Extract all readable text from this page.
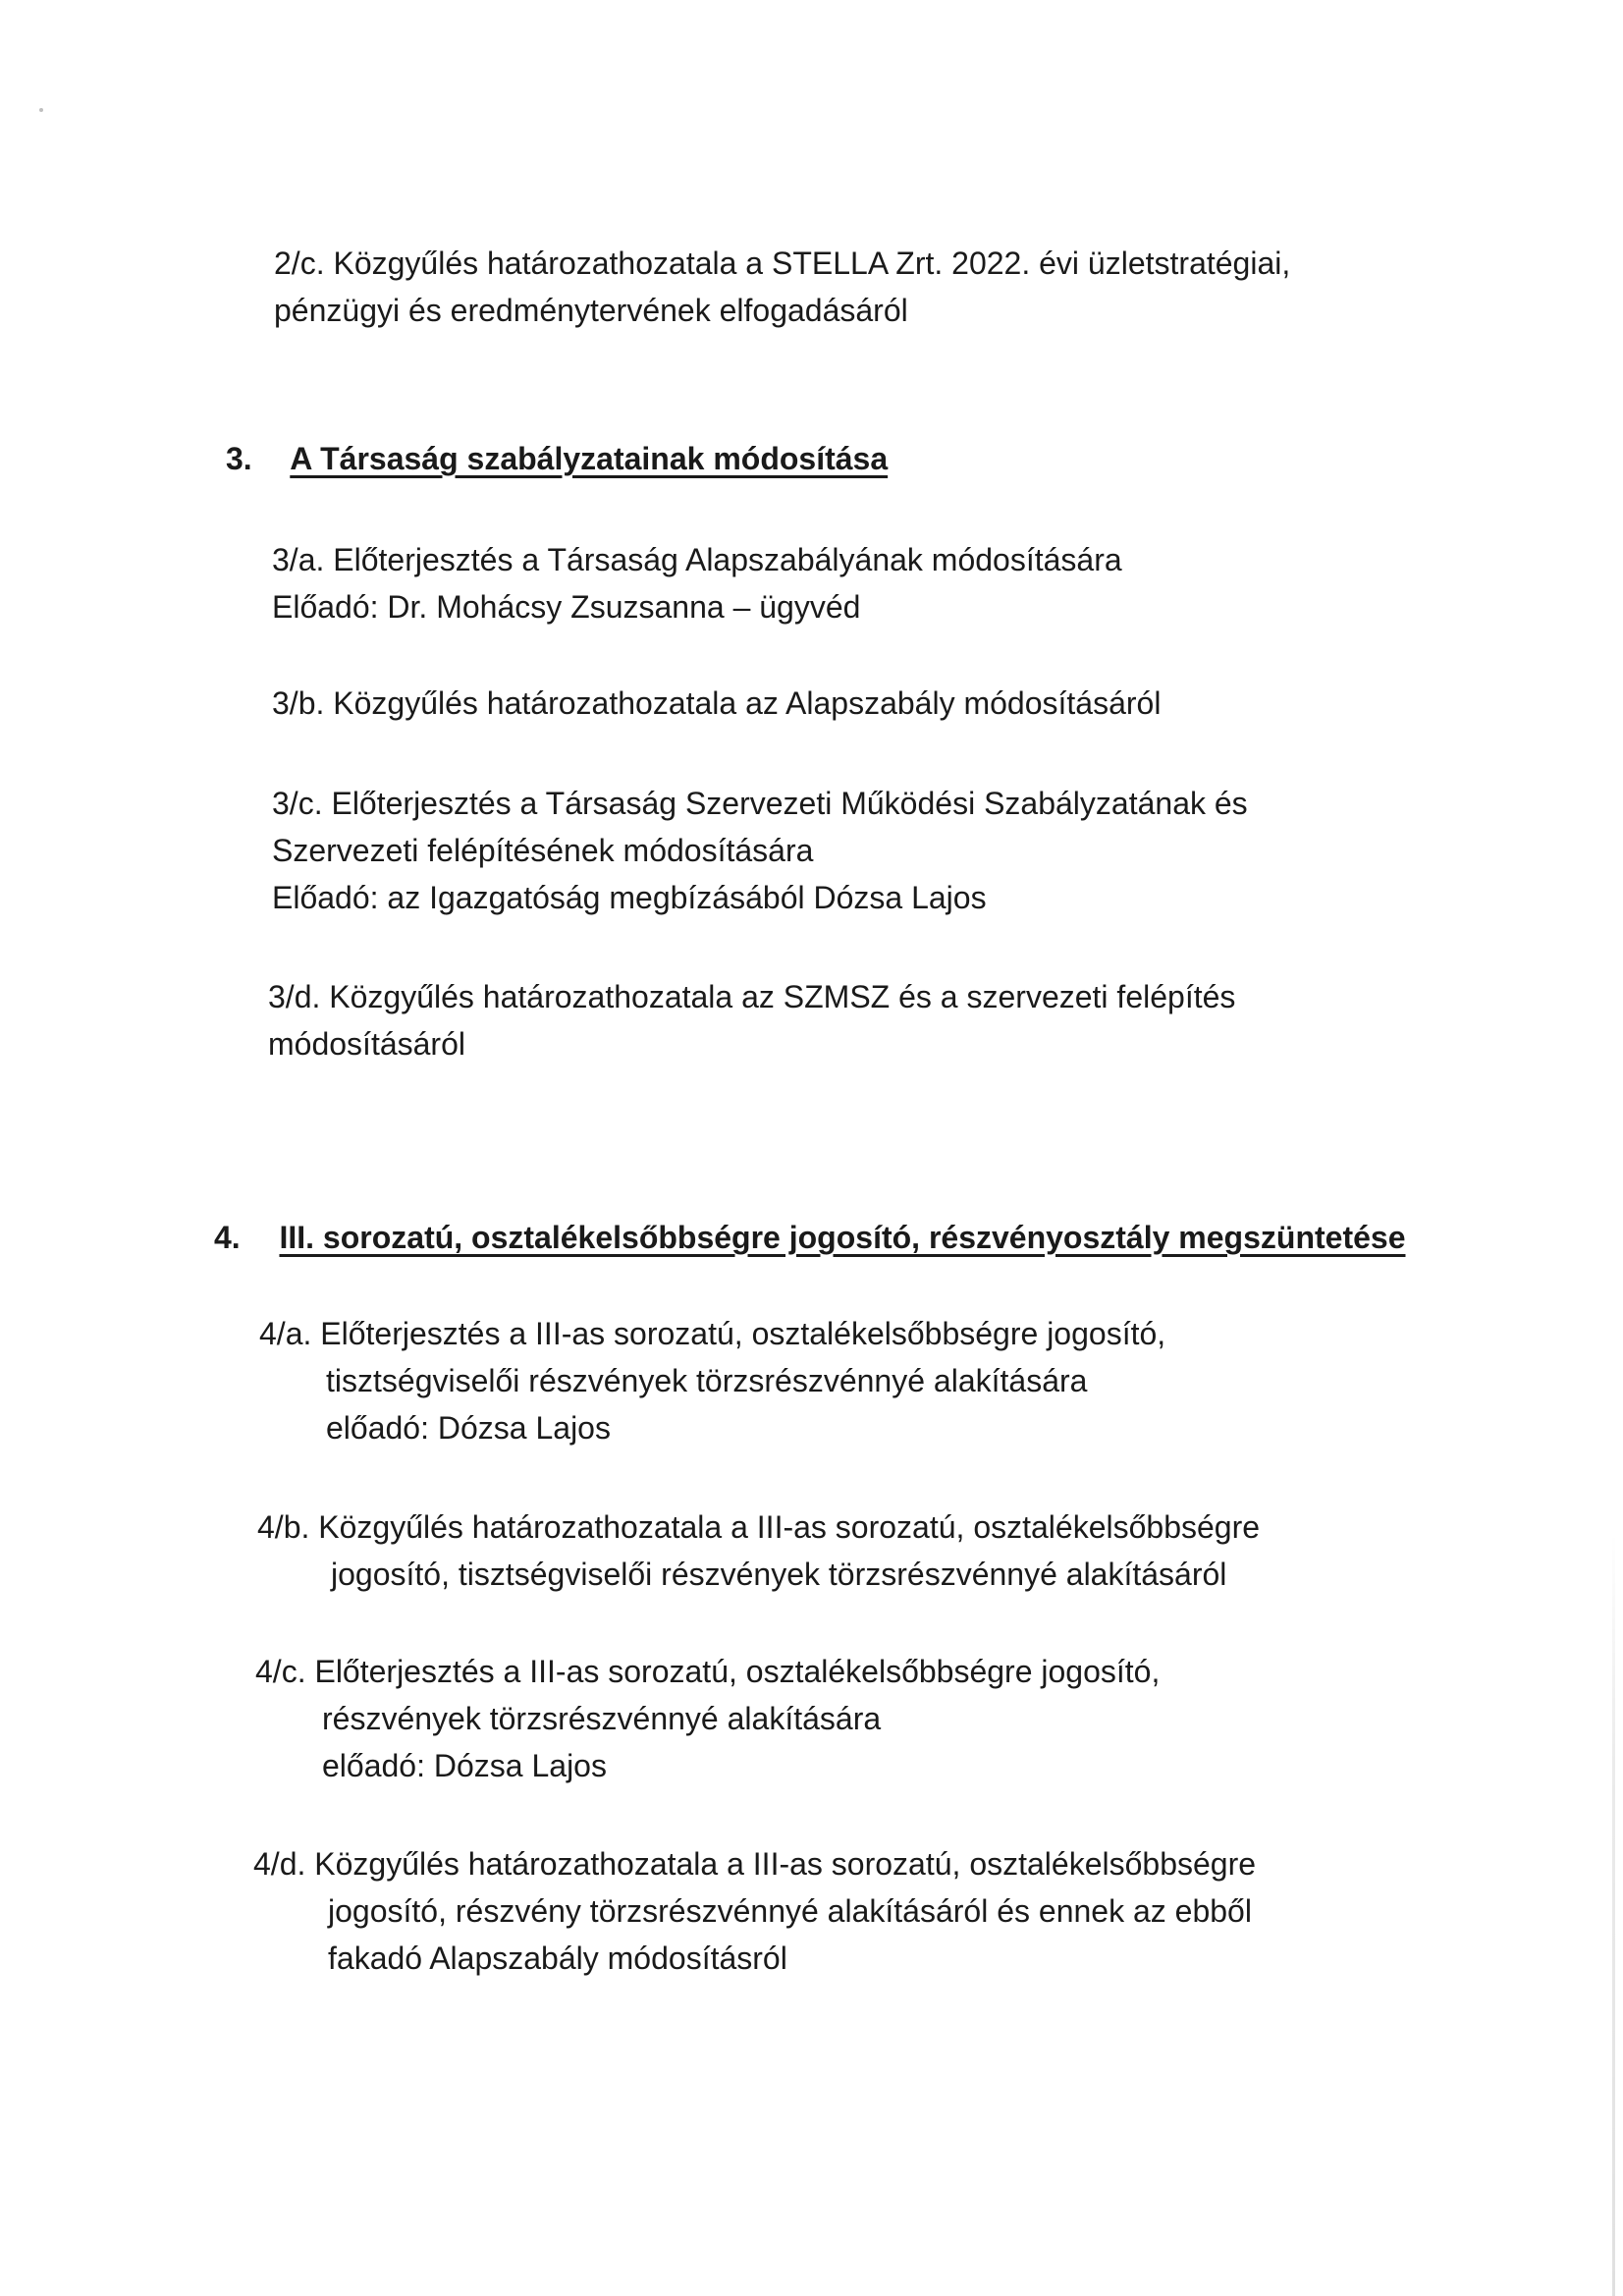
2/c. Közgyűlés határozathozatala a STELLA Zrt. 2022. évi üzletstratégiai,
pénzügyi és eredménytervének elfogadásáról
3. A Társaság szabályzatainak módosítása
3/a. Előterjesztés a Társaság Alapszabályának módosítására
Előadó: Dr. Mohácsy Zsuzsanna – ügyvéd
3/b. Közgyűlés határozathozatala az Alapszabály módosításáról
3/c. Előterjesztés a Társaság Szervezeti Működési Szabályzatának és
Szervezeti felépítésének módosítására
Előadó: az Igazgatóság megbízásából Dózsa Lajos
3/d. Közgyűlés határozathozatala az SZMSZ és a szervezeti felépítés
módosításáról
4. III. sorozatú, osztalékelsőbbségre jogosító, részvényosztály megszüntetése
4/a. Előterjesztés a III-as sorozatú, osztalékelsőbbségre jogosító,
tisztségviselői részvények törzsrészvénnyé alakítására
előadó: Dózsa Lajos
4/b. Közgyűlés határozathozatala a III-as sorozatú, osztalékelsőbbségre
jogosító, tisztségviselői részvények törzsrészvénnyé alakításáról
4/c. Előterjesztés a III-as sorozatú, osztalékelsőbbségre jogosító,
részvények törzsrészvénnyé alakítására
előadó: Dózsa Lajos
4/d. Közgyűlés határozathozatala a III-as sorozatú, osztalékelsőbbségre
jogosító, részvény törzsrészvénnyé alakításáról és ennek az ebből
fakadó Alapszabály módosításról
